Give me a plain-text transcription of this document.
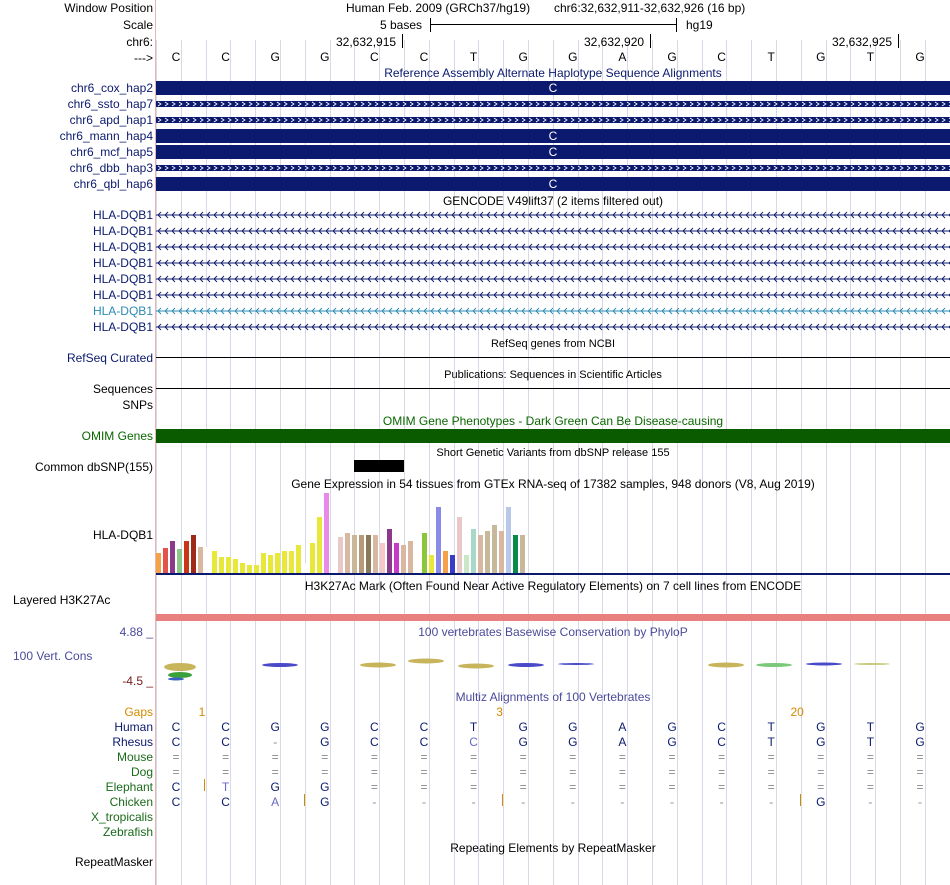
Window Position
Scale
chr6:
--->
chr6_cox_hap2
chr6_ssto_hap7
chr6_apd_hap1
chr6_mann_hap4
chr6_mcf_hap5
chr6_dbb_hap3
chr6_qbl_hap6
HLA-DQB1
HLA-DQB1
HLA-DQB1
HLA-DQB1
HLA-DQB1
HLA-DQB1
HLA-DQB1
HLA-DQB1
RefSeq Curated
Sequences
SNPs
OMIM Genes
Common dbSNP(155)
HLA-DQB1
Layered H3K27Ac
4.88 _
100 Vert. Cons
-4.5 _
Gaps
Human
Rhesus
Mouse
Dog
Elephant
Chicken
X_tropicalis
Zebrafish
RepeatMasker
Human Feb. 2009 (GRCh37/hg19) chr6:32,632,911-32,632,926 (16 bp)
5 bases	hg19
32,632,915	32,632,920	32,632,925
C	C	G	G	C	C	T	G	G	A	G	C	T	G	T	G
Reference Assembly Alternate Haplotype Sequence Alignments
C
C
C
C
GENCODE V49lift37 (2 items filtered out)
RefSeq genes from NCBI
Publications: Sequences in Scientific Articles
OMIM Gene Phenotypes - Dark Green Can Be Disease-causing
Short Genetic Variants from dbSNP release 155
Gene Expression in 54 tissues from GTEx RNA-seq of 17382 samples, 948 donors (V8, Aug 2019)
H3K27Ac Mark (Often Found Near Active Regulatory Elements) on 7 cell lines from ENCODE
100 vertebrates Basewise Conservation by PhyloP
Multiz Alignments of 100 Vertebrates
1	3	20
C	C	G	G	C	C	T	G	G	A	G	C	T	G	T	G
C	C	-	G	C	C	C	G	G	A	G	C	T	G	T	G
=	=	=	=	=	=	=	=	=	=	=	=	=	=	=	=
=	=	=	=	=	=	=	=	=	=	=	=	=	=	=	=
C	T	G	G	=	=	=	=	=	=	=	=	=	=	=	=
C	C	A	G	-	-	-	-	-	-	-	-	-	G	-	-
Repeating Elements by RepeatMasker
